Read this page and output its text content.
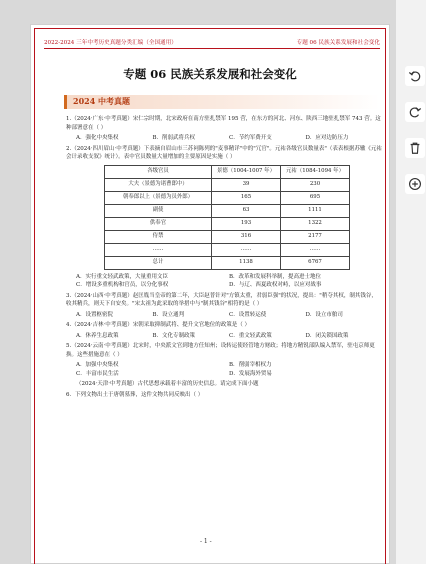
2022-2024 三年中考历史真题分类汇编（全国通用）	专题 06 民族关系发展和社会变化
专题 06 民族关系发展和社会变化
2024 中考真题

1.（2024·广东·中考真题）宋仁宗时期，北宋政府在南方驻扎禁军 195 营，在东方的河北、河东、陕西三地驻扎禁军 743 营。这种部署意在（ ）

A．强化中央集权	B．削弱武将兵权	C．节约军费开支	D．应对边防压力

2.（2024·四川眉山·中考真题）下表摘自眉山市三苏祠陈列的"麦事精详"中的"冗官"。元祐各级官员数量表"（表表根据苏辙《元祐会计录收支叙》统计）。表中官员数量大量增加的主要原因是实施（ ）

各级官员	景德（1004-1007 年）	元祐（1084-1094 年）
大夫（景德为诸曹郎中）	39	230
朝奉郎以上（景德为员外郎）	165	695
副使	63	1111
供奉官	193	1322
侍禁	316	2177
……	……	……
总计	1138	6767
A．实行重文轻武政策，大量重用文臣	B．改革和发展科举制，提高进士地位
C．增设多重机构和官员，以分化事权	D．与辽、西夏政权对峙，以应对战事

3.（2024·山西·中考真题）赵匡胤当皇帝的第二年，大臣赵普针对"方镇太重，君弱臣强"的状况，提出："稍夺其权，制其钱谷，收其精兵，则天下自安矣。"宋太祖为此采取的举措中与"制其钱谷"相符的是（ ）

A．设置枢密院	B．设立通判	C．设置转运使	D．设立市舶司

4.（2024·吉林·中考真题）宋朝采取抑制武将、提升文官地位的政策是（ ）

A．休养生息政策	B．文化专制政策	C．重文轻武政策	D．闭关锁国政策

5.（2024·云南·中考真题）北宋时，中央派文官到地方任知州；设转运使经管地方财政；将地方精锐部队编入禁军，驻屯京师更换。这些措施意在（ ）

A．加强中央集权	B．削弱宰相权力
C．丰富市民生活	D．发展海外贸易

（2024·天津·中考真题）古代思想承载着丰富的历史信息。请完成下面小题

6．下列文物出土于唐朝墓葬，这件文物共同反映出（ ）

- 1 -
